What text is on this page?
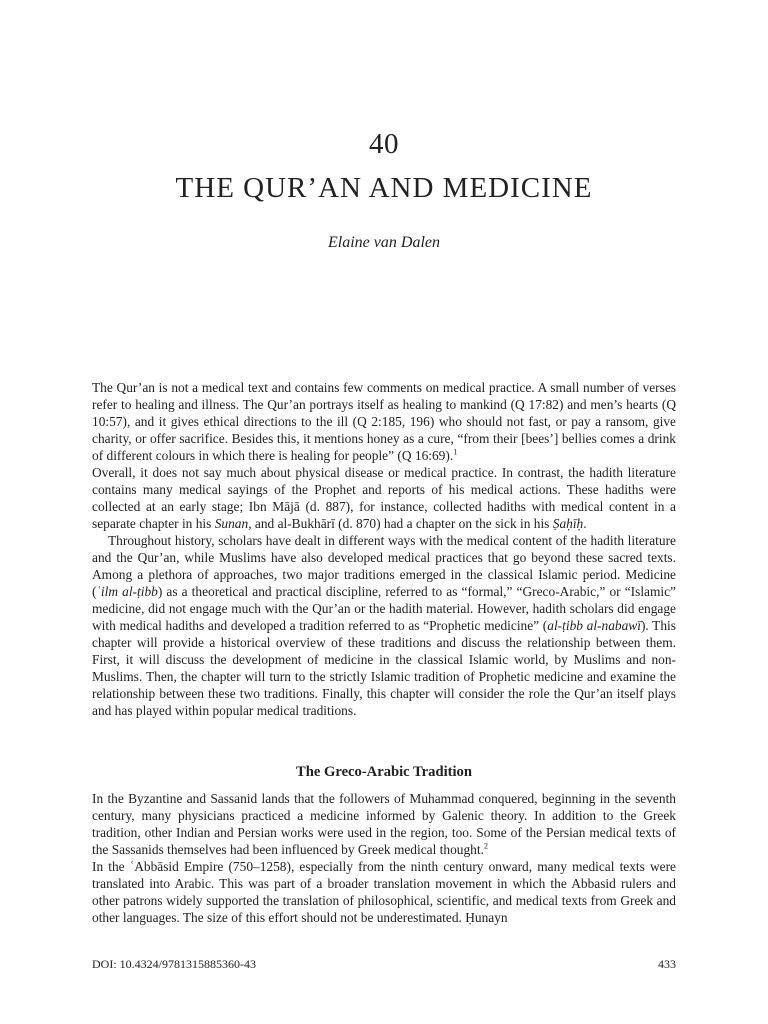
40
THE QUR’AN AND MEDICINE
Elaine van Dalen

The Qur’an is not a medical text and contains few comments on medical practice. A small number of verses refer to healing and illness. The Qur’an portrays itself as healing to mankind (Q 17:82) and men’s hearts (Q 10:57), and it gives ethical directions to the ill (Q 2:185, 196) who should not fast, or pay a ransom, give charity, or offer sacrifice. Besides this, it mentions honey as a cure, “from their [bees’] bellies comes a drink of different colours in which there is healing for people” (Q 16:69).$^1$
Overall, it does not say much about physical disease or medical practice. In contrast, the hadith literature contains many medical sayings of the Prophet and reports of his medical actions. These hadiths were collected at an early stage; Ibn Mājā (d. 887), for instance, collected hadiths with medical content in a separate chapter in his Sunan, and al-Bukhārī (d. 870) had a chapter on the sick in his Ṣaḥīḥ.

Throughout history, scholars have dealt in different ways with the medical content of the hadith literature and the Qur’an, while Muslims have also developed medical practices that go beyond these sacred texts. Among a plethora of approaches, two major traditions emerged in the classical Islamic period. Medicine (ʿilm al-ṭibb) as a theoretical and practical discipline, referred to as “formal,” “Greco-Arabic,” or “Islamic” medicine, did not engage much with the Qur’an or the hadith material. However, hadith scholars did engage with medical hadiths and developed a tradition referred to as “Prophetic medicine” (al-ṭibb al-nabawī). This chapter will provide a historical overview of these traditions and discuss the relationship between them. First, it will discuss the development of medicine in the classical Islamic world, by Muslims and non-Muslims. Then, the chapter will turn to the strictly Islamic tradition of Prophetic medicine and examine the relationship between these two traditions. Finally, this chapter will consider the role the Qur’an itself plays and has played within popular medical traditions.

The Greco-Arabic Tradition

In the Byzantine and Sassanid lands that the followers of Muhammad conquered, beginning in the seventh century, many physicians practiced a medicine informed by Galenic theory. In addition to the Greek tradition, other Indian and Persian works were used in the region, too. Some of the Persian medical texts of the Sassanids themselves had been influenced by Greek medical thought.$^2$
In the ʿAbbāsid Empire (750–1258), especially from the ninth century onward, many medical texts were translated into Arabic. This was part of a broader translation movement in which the Abbasid rulers and other patrons widely supported the translation of philosophical, scientific, and medical texts from Greek and other languages. The size of this effort should not be underestimated. Ḥunayn

DOI: 10.4324/9781315885360-43	433
